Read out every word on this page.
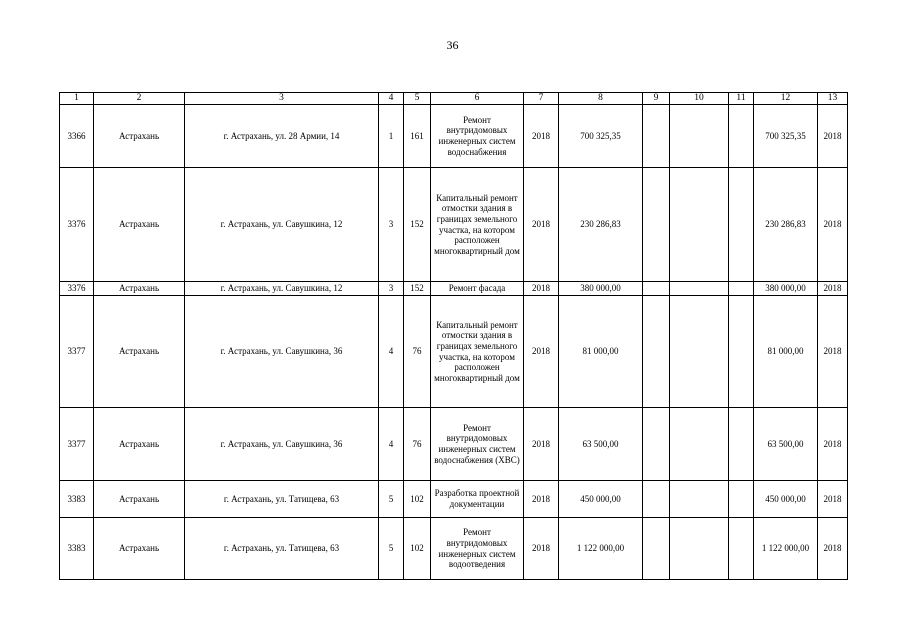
36
1	2	3	4	5	6	7	8	9	10	11	12	13
3366	Астрахань	г. Астрахань, ул. 28 Армии, 14	1	161	Ремонт внутридомовых инженерных систем водоснабжения	2018	700 325,35				700 325,35	2018
3376	Астрахань	г. Астрахань, ул. Савушкина, 12	3	152	Капитальный ремонт отмостки здания в границах земельного участка, на котором расположен многоквартирный дом	2018	230 286,83				230 286,83	2018
3376	Астрахань	г. Астрахань, ул. Савушкина, 12	3	152	Ремонт фасада	2018	380 000,00				380 000,00	2018
3377	Астрахань	г. Астрахань, ул. Савушкина, 36	4	76	Капитальный ремонт отмостки здания в границах земельного участка, на котором расположен многоквартирный дом	2018	81 000,00				81 000,00	2018
3377	Астрахань	г. Астрахань, ул. Савушкина, 36	4	76	Ремонт внутридомовых инженерных систем водоснабжения (ХВС)	2018	63 500,00				63 500,00	2018
3383	Астрахань	г. Астрахань, ул. Татищева, 63	5	102	Разработка проектной документации	2018	450 000,00				450 000,00	2018
3383	Астрахань	г. Астрахань, ул. Татищева, 63	5	102	Ремонт внутридомовых инженерных систем водоотведения	2018	1 122 000,00				1 122 000,00	2018
